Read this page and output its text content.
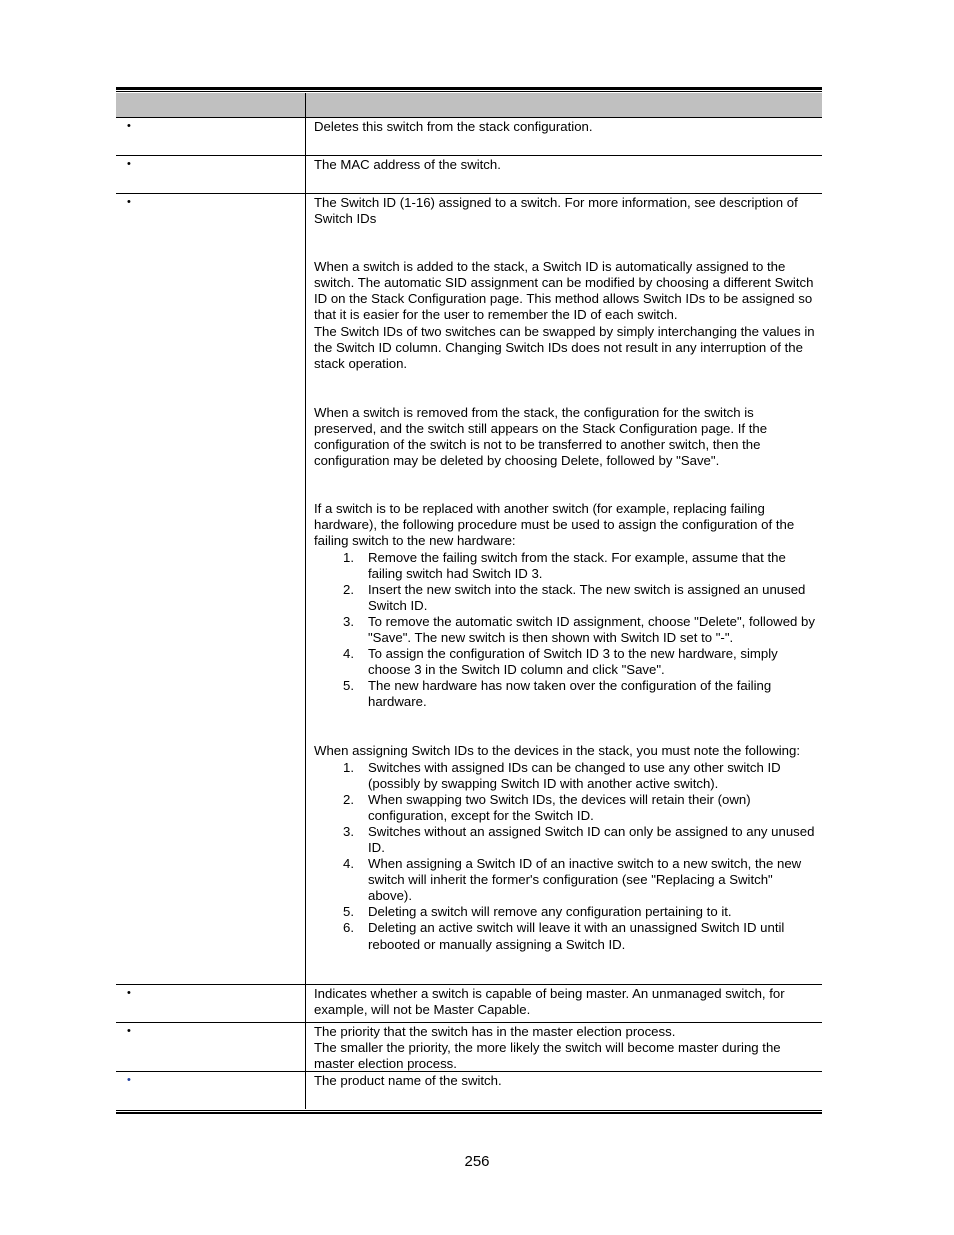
•	Deletes this switch from the stack configuration.

•	The MAC address of the switch.

•	The Switch ID (1-16) assigned to a switch. For more information, see description of Switch IDs

When a switch is added to the stack, a Switch ID is automatically assigned to the switch. The automatic SID assignment can be modified by choosing a different Switch ID on the Stack Configuration page. This method allows Switch IDs to be assigned so that it is easier for the user to remember the ID of each switch.

The Switch IDs of two switches can be swapped by simply interchanging the values in the Switch ID column. Changing Switch IDs does not result in any interruption of the stack operation.

When a switch is removed from the stack, the configuration for the switch is preserved, and the switch still appears on the Stack Configuration page. If the configuration of the switch is not to be transferred to another switch, then the configuration may be deleted by choosing Delete, followed by "Save".

If a switch is to be replaced with another switch (for example, replacing failing hardware), the following procedure must be used to assign the configuration of the failing switch to the new hardware:

1.	Remove the failing switch from the stack. For example, assume that the failing switch had Switch ID 3.
2.	Insert the new switch into the stack. The new switch is assigned an unused Switch ID.
3.	To remove the automatic switch ID assignment, choose "Delete", followed by "Save". The new switch is then shown with Switch ID set to "-".
4.	To assign the configuration of Switch ID 3 to the new hardware, simply choose 3 in the Switch ID column and click "Save".
5.	The new hardware has now taken over the configuration of the failing hardware.

When assigning Switch IDs to the devices in the stack, you must note the following:

1.	Switches with assigned IDs can be changed to use any other switch ID (possibly by swapping Switch ID with another active switch).
2.	When swapping two Switch IDs, the devices will retain their (own) configuration, except for the Switch ID.
3.	Switches without an assigned Switch ID can only be assigned to any unused ID.
4.	When assigning a Switch ID of an inactive switch to a new switch, the new switch will inherit the former's configuration (see "Replacing a Switch" above).
5.	Deleting a switch will remove any configuration pertaining to it.
6.	Deleting an active switch will leave it with an unassigned Switch ID until rebooted or manually assigning a Switch ID.
•	Indicates whether a switch is capable of being master. An unmanaged switch, for example, will not be Master Capable.

•	The priority that the switch has in the master election process.

The smaller the priority, the more likely the switch will become master during the master election process.

•	The product name of the switch.

256
